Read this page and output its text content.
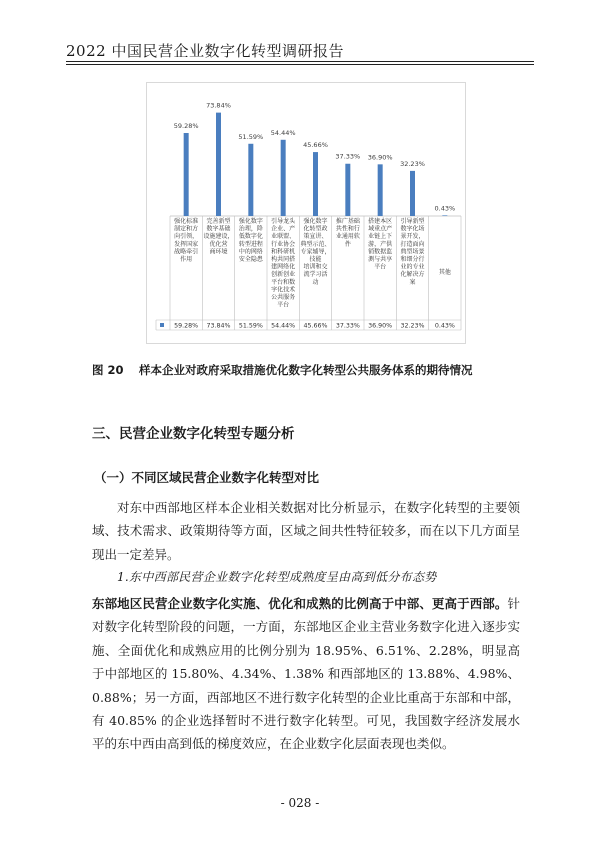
2022 中国民营企业数字化转型调研报告
59.28%
73.84%
51.59% 54.44%
45.66%
37.33% 36.90%
32.23%
0.43%
强化标准制定和方向引领，发挥国家战略牵引作用
59.28%
完善新型数字基础设施建设，优化营商环境
73.84%
强化数字治理，降低数字化转型进程中的网络安全隐患
51.59%
引导龙头企业、产业联盟、行业协会和科研机构共同搭建网络化创新创业平台和数字化技术公共服务平台
54.44%
强化数字化转型政策宣讲、典型示范、专家辅导，技能培训和交流学习活动
45.66%
推广基础共性和行业通用软件
37.33%
搭建本区域重点产业链上下游，产供销数据监测与共享平台
36.90%
引导新型数字化场景开发，打造面向典型场景和细分行业的专业化解决方案
32.23%
其他
0.43%
图 20　 样本企业对政府采取措施优化数字化转型公共服务体系的期待情况
三、民营企业数字化转型专题分析
（一）不同区域民营企业数字化转型对比
对东中西部地区样本企业相关数据对比分析显示，在数字化转型的主要领域、技术需求、政策期待等方面，区域之间共性特征较多，而在以下几方面呈现出一定差异。
1.东中西部民营企业数字化转型成熟度呈由高到低分布态势
东部地区民营企业数字化实施、优化和成熟的比例高于中部、更高于西部。针对数字化转型阶段的问题，一方面，东部地区企业主营业务数字化进入逐步实施、全面优化和成熟应用的比例分别为 18.95%、6.51%、2.28%，明显高于中部地区的 15.80%、4.34%、1.38% 和西部地区的 13.88%、4.98%、0.88%；另一方面，西部地区不进行数字化转型的企业比重高于东部和中部，有 40.85% 的企业选择暂时不进行数字化转型。可见，我国数字经济发展水平的东中西由高到低的梯度效应，在企业数字化层面表现也类似。
- 028 -
